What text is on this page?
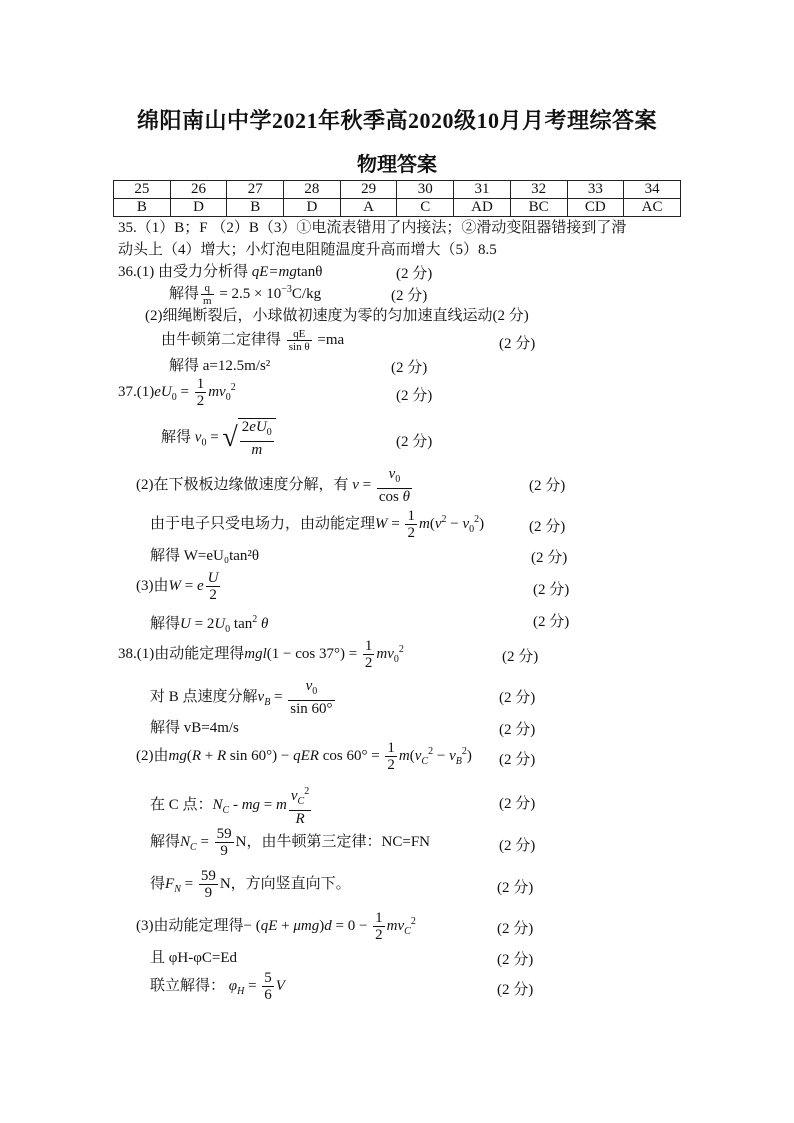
绵阳南山中学2021年秋季高2020级10月月考理综答案
物理答案
25	26	27	28	29	30	31	32	33	34
B	D	B	D	A	C	AD	BC	CD	AC
35.（1）B；F （2）B（3）①电流表错用了内接法；②滑动变阻器错接到了滑
动头上（4）增大；小灯泡电阻随温度升高而增大（5）8.5
36.(1) 由受力分析得 qE=mgtanθ	(2 分)
解得 $\frac{q}{m} = 2.5 \times 10^{-3}C/kg$	(2 分)
(2)细绳断裂后，小球做初速度为零的匀加速直线运动(2 分)
由牛顿第二定律得 $\frac{qE}{\text{sin θ}} =ma$	(2 分)
解得 a=12.5m/s²	(2 分)
$37.(1)eU_0 = \frac{1}{2} mv_0^2$
(2 分)
解得 $v_0$ = √ $\frac{2eU_0}{m}$	(2 分)
(2)在下极板边缘做速度分解，有 $v = \frac{v_0}{\text{cos θ}}$	(2 分)
由于电子只受电场力，由动能定理$W = \frac{1}{2} m(v^2 - v_0^2)$	(2 分)
解得 W=eU₀tan²θ	(2 分)
(3)由W = e $\frac{U}{2}$	(2 分)
解得$U = 2U_0$ $\tan^2 \theta$	(2 分)
38.(1)由动能定理得$mgl(1 - \cos 37^\circ) = \frac{1}{2} mv_0^2$	(2 分)
对 B 点速度分解$v_B = \frac{v_0}{\sin 60^\circ}$	(2 分)
解得 vB=4m/s	(2 分)
(2)由mg(R + R sin 60°) − qER $\cos 60^\circ = \frac{1}{2} m(v_C^2 - v_B^2)$ (2 分)
在 C 点：$N_C$ - mg = m $\frac{v_C^2}{R}$	(2 分)
解得$N_C = \frac{59}{9}$ N，由牛顿第三定律：NC=FN	(2 分)
得$F_N = \frac{59}{9}$ N，方向竖直向下。	(2 分)
(3)由动能定理得− $(qE + \mu mg)d = 0 - \frac{1}{2} mv_C^2$	(2 分)
且 φH-φC=Ed	(2 分)
联立解得： $\varphi_H = \frac{5}{6}$ V	(2 分)
